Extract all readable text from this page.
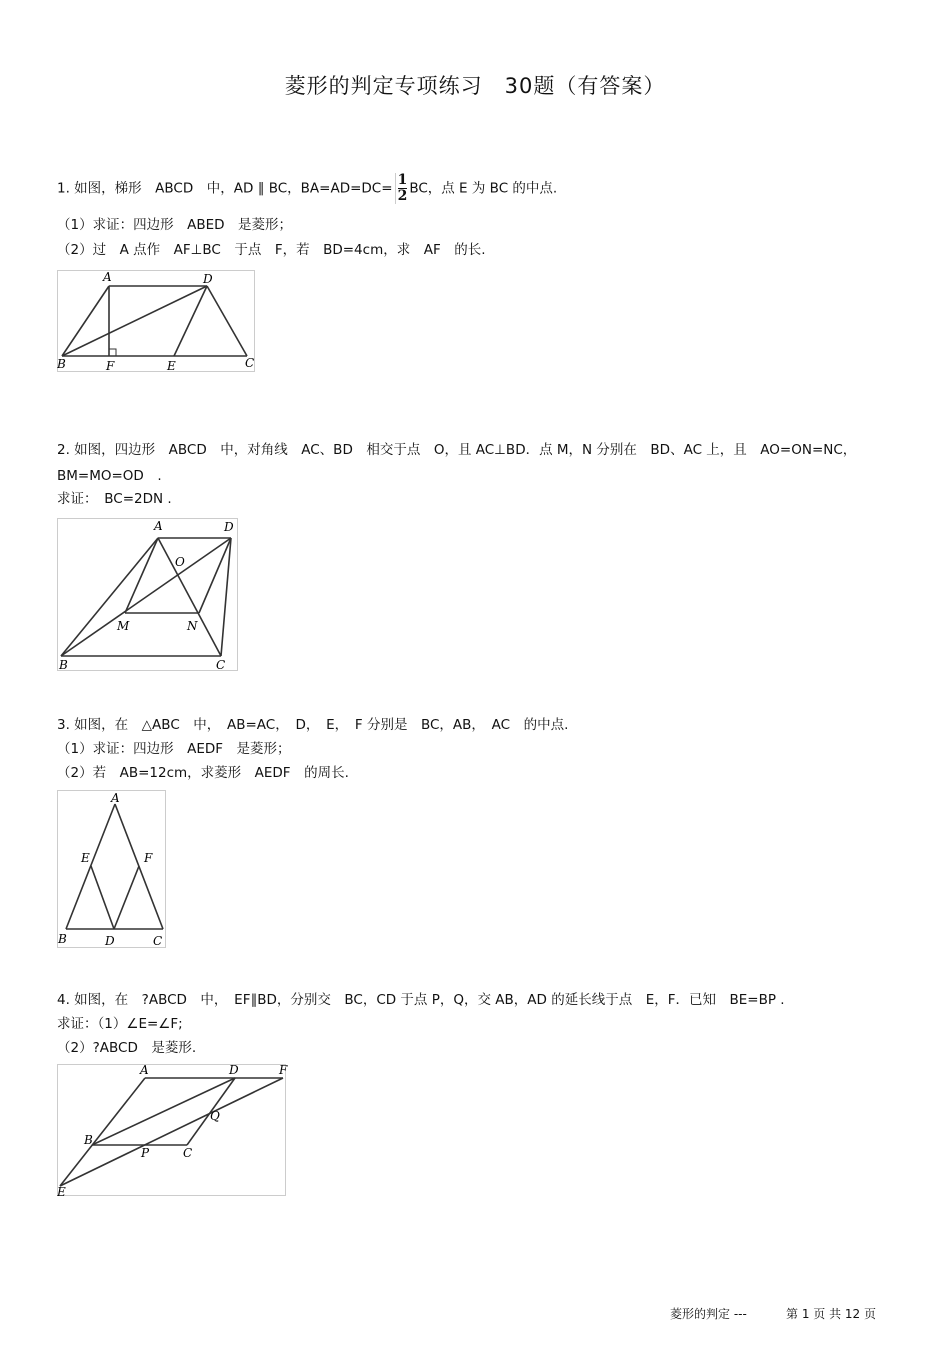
菱形的判定专项练习　30题（有答案）
1. 如图，梯形　ABCD　中，AD ∥ BC，$BA=AD=DC= \frac{1}{2}$ BC，点 E 为 BC 的中点.
（1）求证：四边形　ABED　是菱形；
（2）过　A 点作　AF⊥BC　于点　F，若　BD=4cm，求　AF　的长.
A	D
B	F	E	C
2. 如图，四边形　ABCD　中，对角线　AC、BD　相交于点　O，且 AC⊥BD．点 M，N 分别在　BD、AC 上，且　AO=ON=NC，
BM=MO=OD　.
求证：　BC=2DN .
A	D
O
M	N
B	C
3. 如图，在　△ABC　中，　AB=AC，　D，　E，　F 分别是　BC，AB，　AC　的中点.
（1）求证：四边形　AEDF　是菱形；
（2）若　AB=12cm，求菱形　AEDF　的周长.
A
E	F
B	D	C
4. 如图，在　?ABCD　中，　EF∥BD，分别交　BC，CD 于点 P，Q，交 AB，AD 的延长线于点　E，F．已知　BE=BP .
求证：（1）∠E=∠F;
（2）?ABCD　是菱形.
A	D	F
Q
B
P	C
E
菱形的判定 ---	第 1 页 共 12 页
